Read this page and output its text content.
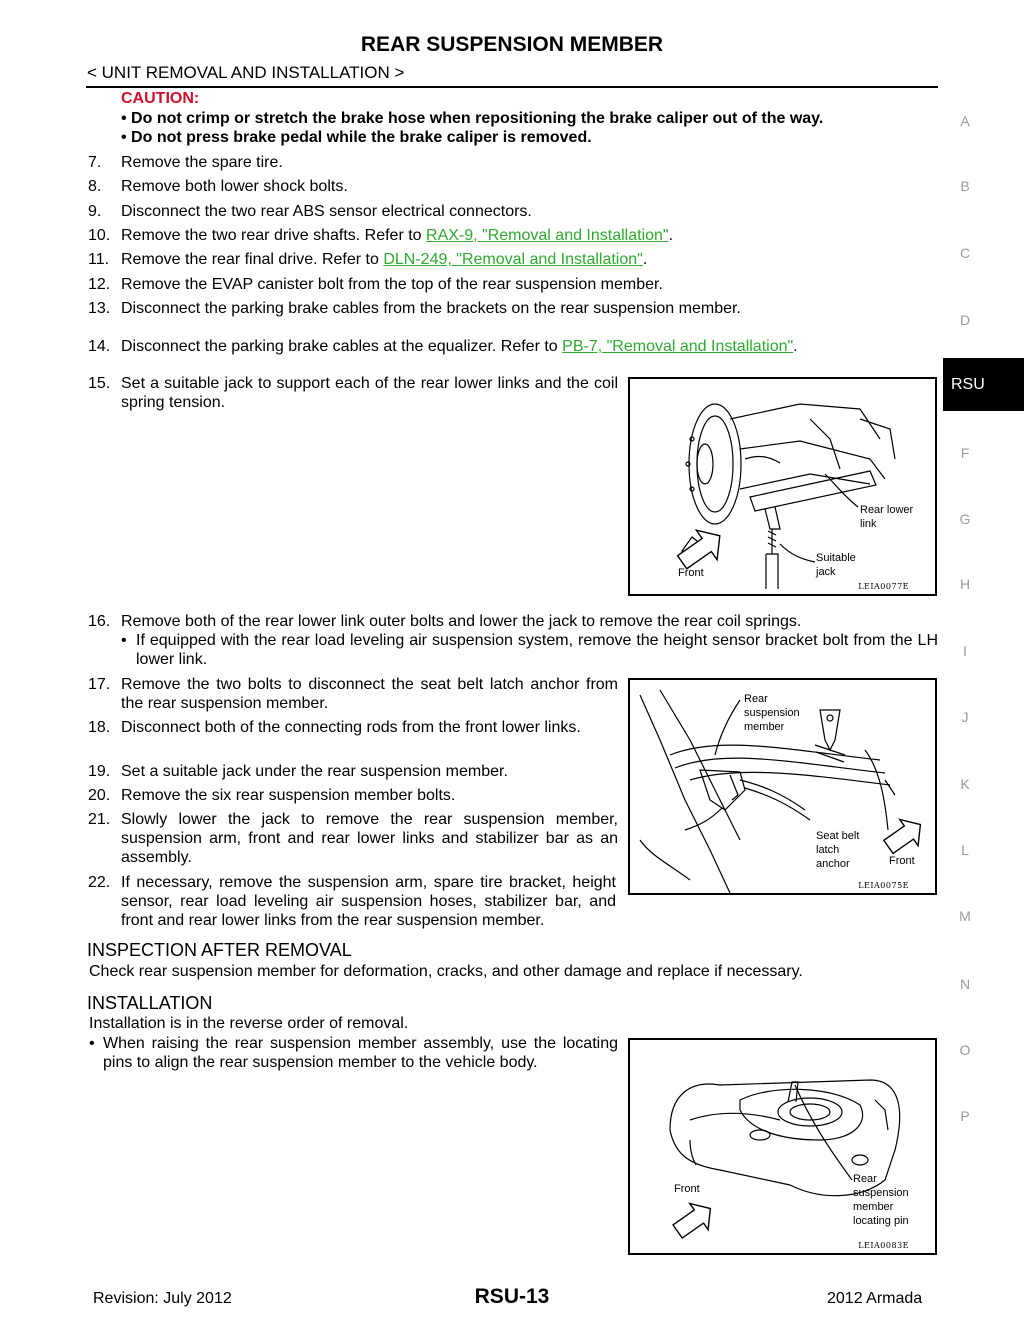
REAR SUSPENSION MEMBER
< UNIT REMOVAL AND INSTALLATION >
CAUTION:
• Do not crimp or stretch the brake hose when repositioning the brake caliper out of the way.
• Do not press brake pedal while the brake caliper is removed.
7.	Remove the spare tire.
8.	Remove both lower shock bolts.
9.	Disconnect the two rear ABS sensor electrical connectors.
10. Remove the two rear drive shafts. Refer to RAX-9, "Removal and Installation".
11. Remove the rear final drive. Refer to DLN-249, "Removal and Installation".
12. Remove the EVAP canister bolt from the top of the rear suspension member.
13. Disconnect the parking brake cables from the brackets on the rear suspension member.
14. Disconnect the parking brake cables at the equalizer. Refer to PB-7, "Removal and Installation".
15. Set a suitable jack to support each of the rear lower links and the coil spring tension.
Front
Rear lower link
Suitable jack
LEIA0077E
16. Remove both of the rear lower link outer bolts and lower the jack to remove the rear coil springs.
• If equipped with the rear load leveling air suspension system, remove the height sensor bracket bolt from the LH lower link.
17. Remove the two bolts to disconnect the seat belt latch anchor from the rear suspension member.
18. Disconnect both of the connecting rods from the front lower links.
19. Set a suitable jack under the rear suspension member.
20. Remove the six rear suspension member bolts.
21. Slowly lower the jack to remove the rear suspension member, suspension arm, front and rear lower links and stabilizer bar as an assembly.
22. If necessary, remove the suspension arm, spare tire bracket, height sensor, rear load leveling air suspension hoses, stabilizer bar, and front and rear lower links from the rear suspension member.
Rear suspension member
Seat belt latch anchor	Front
LEIA0075E
INSPECTION AFTER REMOVAL
Check rear suspension member for deformation, cracks, and other damage and replace if necessary.
INSTALLATION
Installation is in the reverse order of removal.
• When raising the rear suspension member assembly, use the locating pins to align the rear suspension member to the vehicle body.
Front
Rear suspension member locating pin
LEIA0083E
A
B
C
D
RSU
F
G
H
I
J
K
L
M
N
O
P
Revision: July 2012	RSU-13	2012 Armada
